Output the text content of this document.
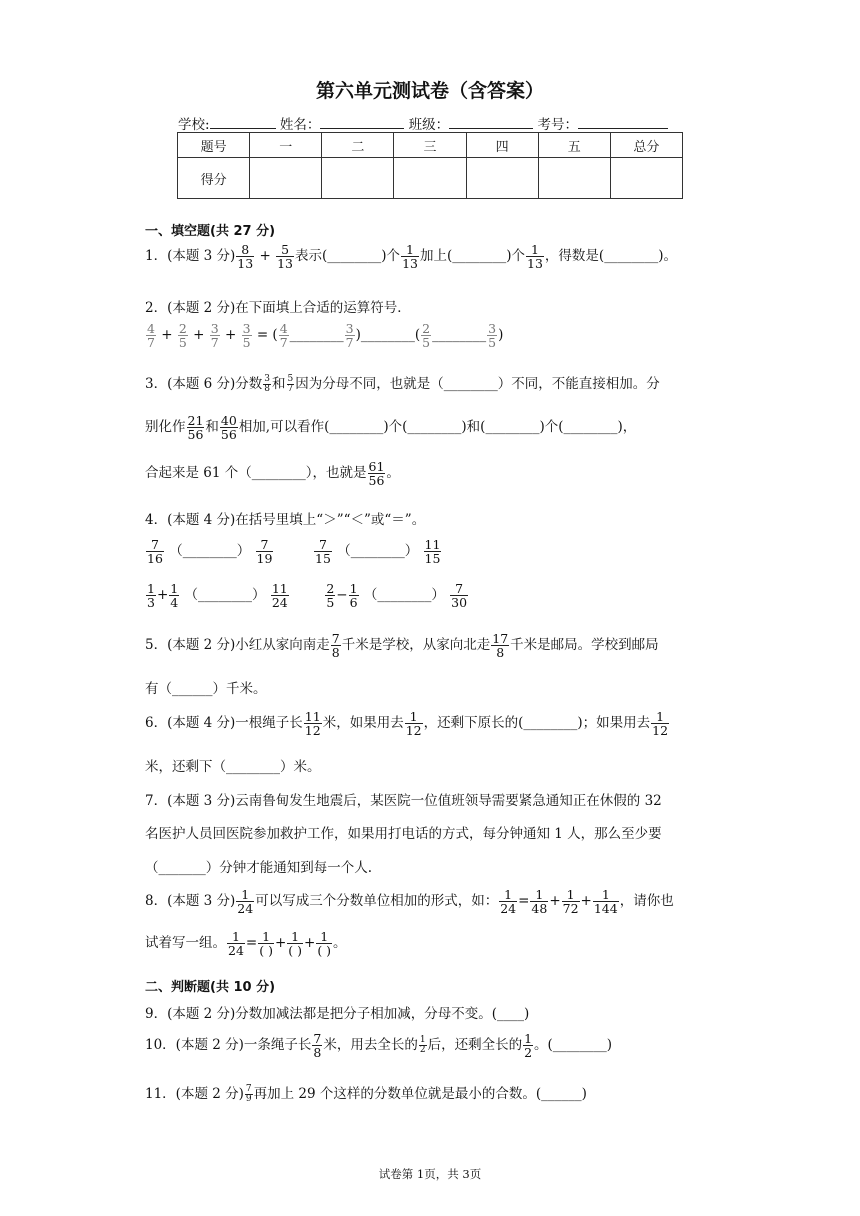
第六单元测试卷（含答案）
学校:	姓名：	班级：	考号：
题号	一	二	三	四	五	总分
得分						
一、填空题(共 27 分)
1．(本题 3 分) $\frac{8}{13} + \frac{5}{13}$ 表示(________)个 $\frac{1}{13}$ 加上(________)个 $\frac{1}{13}$ ，得数是(________)。
2．(本题 2 分)在下面填上合适的运算符号．
$\frac{4}{7} + \frac{2}{5} + \frac{3}{7} + \frac{3}{5}$ = ( $\frac{4}{7}$ ________ $\frac{3}{7}$ )________( $\frac{2}{5}$ ________ $\frac{3}{5}$ )
3．(本题 6 分)分数 $\frac{3}{8}$ 和 $\frac{5}{7}$ 因为分母不同，也就是（________）不同，不能直接相加。分
别化作 $\frac{21}{56}$ 和 $\frac{40}{56}$ 相加,可以看作(________)个(________)和(________)个(________)，
合起来是 61 个（________），也就是 $\frac{61}{56}$ 。
4．(本题 4 分)在括号里填上“＞”“＜”或“＝”。
$\frac{7}{16}$ （________） $\frac{7}{19}$
	$\frac{7}{15}$ （________） $\frac{11}{15}$
$\frac{1}{3} + \frac{1}{4}$ （________） $\frac{11}{24}$
	$\frac{2}{5} - \frac{1}{6}$ （________） $\frac{7}{30}$
5．(本题 2 分)小红从家向南走 $\frac{7}{8}$ 千米是学校，从家向北走 $\frac{17}{8}$ 千米是邮局。学校到邮局
有（______）千米。
6．(本题 4 分)一根绳子长 $\frac{11}{12}$ 米，如果用去 $\frac{1}{12}$ ，还剩下原长的(________)；如果用去 $\frac{1}{12}$
米，还剩下（________）米。
7．(本题 3 分)云南鲁甸发生地震后，某医院一位值班领导需要紧急通知正在休假的 32
名医护人员回医院参加救护工作，如果用打电话的方式，每分钟通知 1 人，那么至少要
（_______）分钟才能通知到每一个人.
8．(本题 3 分) $\frac{1}{24}$ 可以写成三个分数单位相加的形式，如： $\frac{1}{24} = \frac{1}{48} + \frac{1}{72} + \frac{1}{144}$ ，请你也
试着写一组。 $\frac{1}{24} = \frac{1}{( )} + \frac{1}{( )} + \frac{1}{( )}$ 。
二、判断题(共 10 分)
9．(本题 2 分)分数加减法都是把分子相加减，分母不变。(____)
10．(本题 2 分)一条绳子长 $\frac{7}{8}$ 米，用去全长的 $\frac{1}{2}$ 后，还剩全长的 $\frac{1}{2}$ 。(________)
11．(本题 2 分) $\frac{7}{9}$ 再加上 29 个这样的分数单位就是最小的合数。(______)
试卷第 1页，共 3页
